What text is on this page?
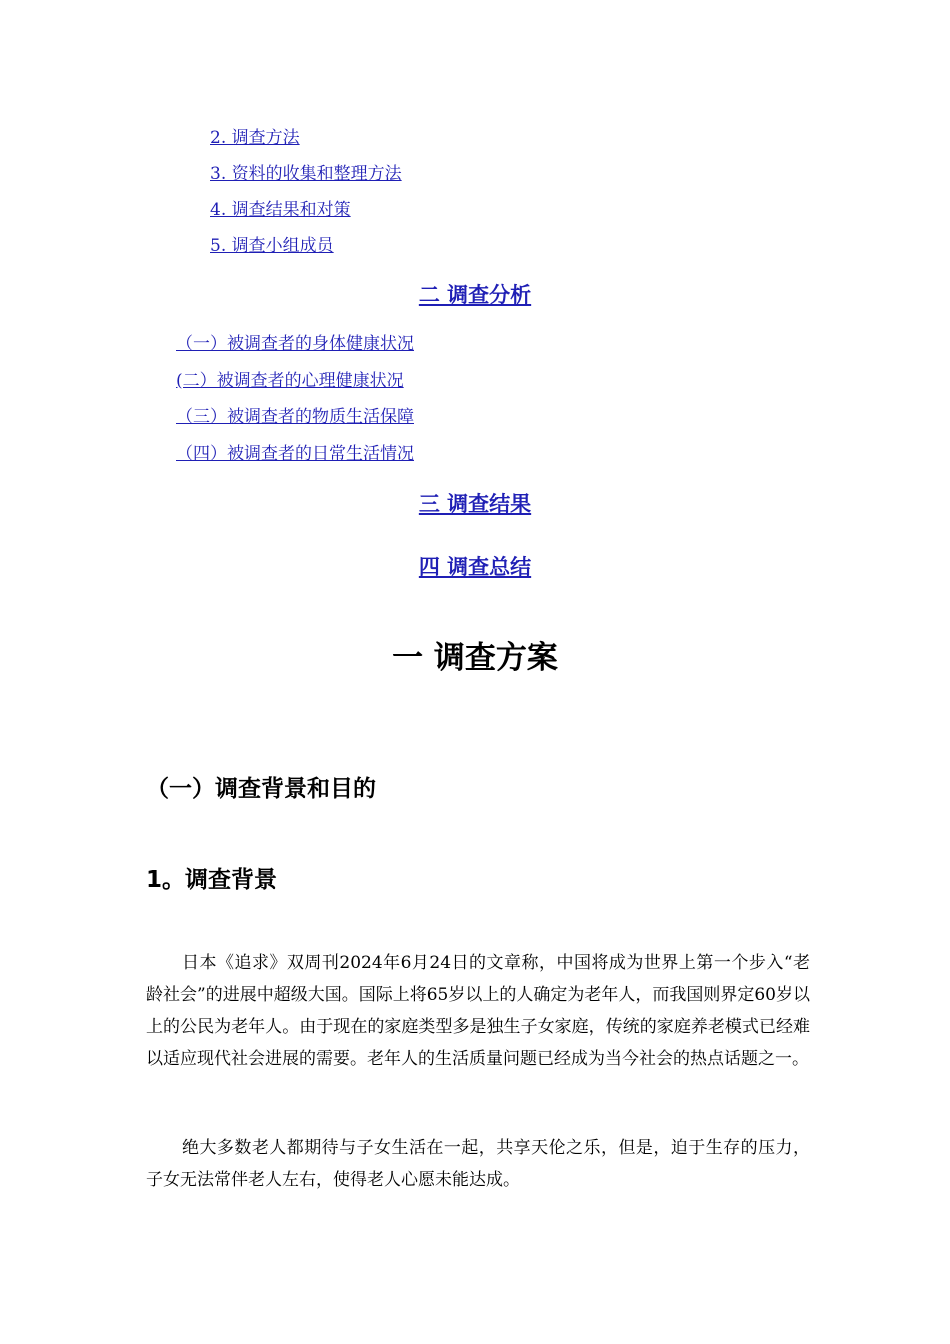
2. 调查方法
3. 资料的收集和整理方法
4. 调查结果和对策
5. 调查小组成员
二 调查分析
（一）被调查者的身体健康状况
(二）被调查者的心理健康状况
（三）被调查者的物质生活保障
（四）被调查者的日常生活情况
三 调查结果
四 调查总结
一 调查方案
（一）调查背景和目的
1。调查背景

日本《追求》双周刊2024年6月24日的文章称，中国将成为世界上第一个步入“老龄社会”的进展中超级大国。国际上将65岁以上的人确定为老年人，而我国则界定60岁以上的公民为老年人。由于现在的家庭类型多是独生子女家庭，传统的家庭养老模式已经难以适应现代社会进展的需要。老年人的生活质量问题已经成为当今社会的热点话题之一。

绝大多数老人都期待与子女生活在一起，共享天伦之乐，但是，迫于生存的压力，子女无法常伴老人左右，使得老人心愿未能达成。
